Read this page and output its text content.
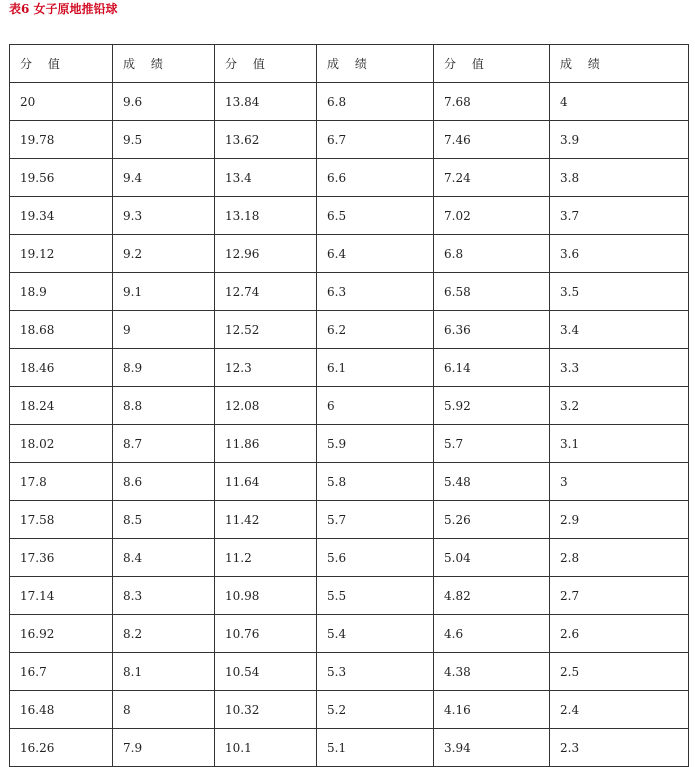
表6 女子原地推铅球
分 值	成 绩	分 值	成 绩	分 值	成 绩
20	9.6	13.84	6.8	7.68	4
19.78	9.5	13.62	6.7	7.46	3.9
19.56	9.4	13.4	6.6	7.24	3.8
19.34	9.3	13.18	6.5	7.02	3.7
19.12	9.2	12.96	6.4	6.8	3.6
18.9	9.1	12.74	6.3	6.58	3.5
18.68	9	12.52	6.2	6.36	3.4
18.46	8.9	12.3	6.1	6.14	3.3
18.24	8.8	12.08	6	5.92	3.2
18.02	8.7	11.86	5.9	5.7	3.1
17.8	8.6	11.64	5.8	5.48	3
17.58	8.5	11.42	5.7	5.26	2.9
17.36	8.4	11.2	5.6	5.04	2.8
17.14	8.3	10.98	5.5	4.82	2.7
16.92	8.2	10.76	5.4	4.6	2.6
16.7	8.1	10.54	5.3	4.38	2.5
16.48	8	10.32	5.2	4.16	2.4
16.26	7.9	10.1	5.1	3.94	2.3
